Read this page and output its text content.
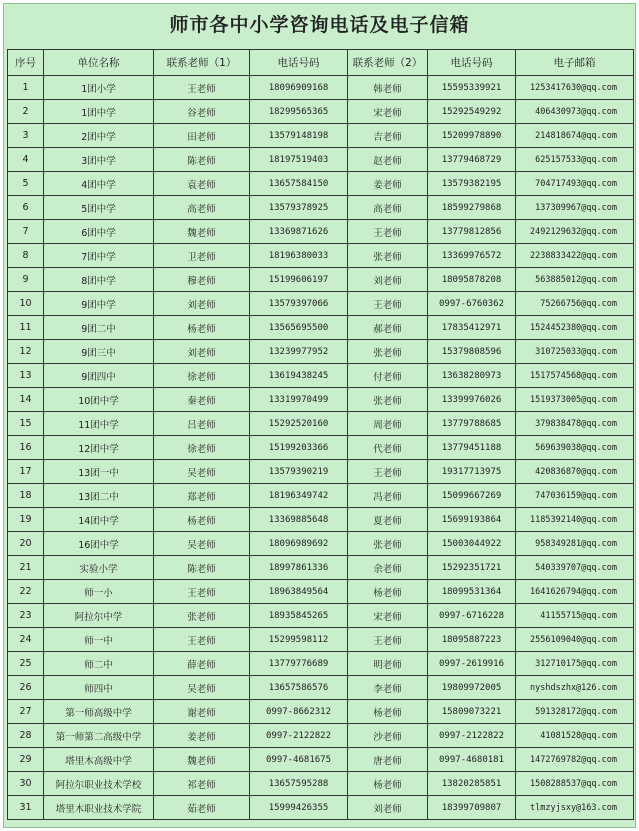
师市各中小学咨询电话及电子信箱
序号	单位名称	联系老师（1）	电话号码	联系老师（2）	电话号码	电子邮箱
1	1团小学	王老师	18096909168	韩老师	15595339921	1253417630@qq.com
2	1团中学	谷老师	18299565365	宋老师	15292549292	406430973@qq.com
3	2团中学	田老师	13579148198	吉老师	15209978890	214818674@qq.com
4	3团中学	陈老师	18197519403	赵老师	13779468729	625157533@qq.com
5	4团中学	袁老师	13657584150	姜老师	13579382195	704717493@qq.com
6	5团中学	高老师	13579378925	高老师	18599279868	137309967@qq.com
7	6团中学	魏老师	13369871626	王老师	13779812856	2492129632@qq.com
8	7团中学	卫老师	18196380033	张老师	13369976572	2238833422@qq.com
9	8团中学	穆老师	15199606197	刘老师	18095878208	563885012@qq.com
10	9团中学	刘老师	13579397066	王老师	0997-6760362	75266756@qq.com
11	9团二中	杨老师	13565695500	郝老师	17835412971	1524452380@qq.com
12	9团三中	刘老师	13239977952	张老师	15379808596	310725033@qq.com
13	9团四中	徐老师	13619438245	付老师	13638280973	1517574568@qq.com
14	10团中学	秦老师	13319970499	张老师	13399976026	1519373005@qq.com
15	11团中学	吕老师	15292520160	周老师	13779788685	379838478@qq.com
16	12团中学	徐老师	15199203366	代老师	13779451188	569639038@qq.com
17	13团一中	吴老师	13579390219	王老师	19317713975	420836870@qq.com
18	13团二中	郑老师	18196349742	冯老师	15099667269	747036159@qq.com
19	14团中学	杨老师	13369885648	夏老师	15699193864	1185392140@qq.com
20	16团中学	吴老师	18096989692	张老师	15003044922	958349281@qq.com
21	实验小学	陈老师	18997861336	余老师	15292351721	540339707@qq.com
22	师一小	王老师	18963849564	杨老师	18099531364	1641626794@qq.com
23	阿拉尔中学	张老师	18935845265	宋老师	0997-6716228	41155715@qq.com
24	师一中	王老师	15299598112	王老师	18095887223	2556109040@qq.com
25	师二中	薛老师	13779776689	明老师	0997-2619916	312710175@qq.com
26	师四中	吴老师	13657586576	李老师	19809972005	nyshdszhx@126.com
27	第一师高级中学	谢老师	0997-8662312	杨老师	15809073221	591328172@qq.com
28	第一师第二高级中学	姜老师	0997-2122822	沙老师	0997-2122822	41081528@qq.com
29	塔里木高级中学	魏老师	0997-4681675	唐老师	0997-4680181	1472769782@qq.com
30	阿拉尔职业技术学校	祁老师	13657595288	杨老师	13820285851	1508288537@qq.com
31	塔里木职业技术学院	茹老师	15999426355	刘老师	18399709807	tlmzyjsxy@163.com
